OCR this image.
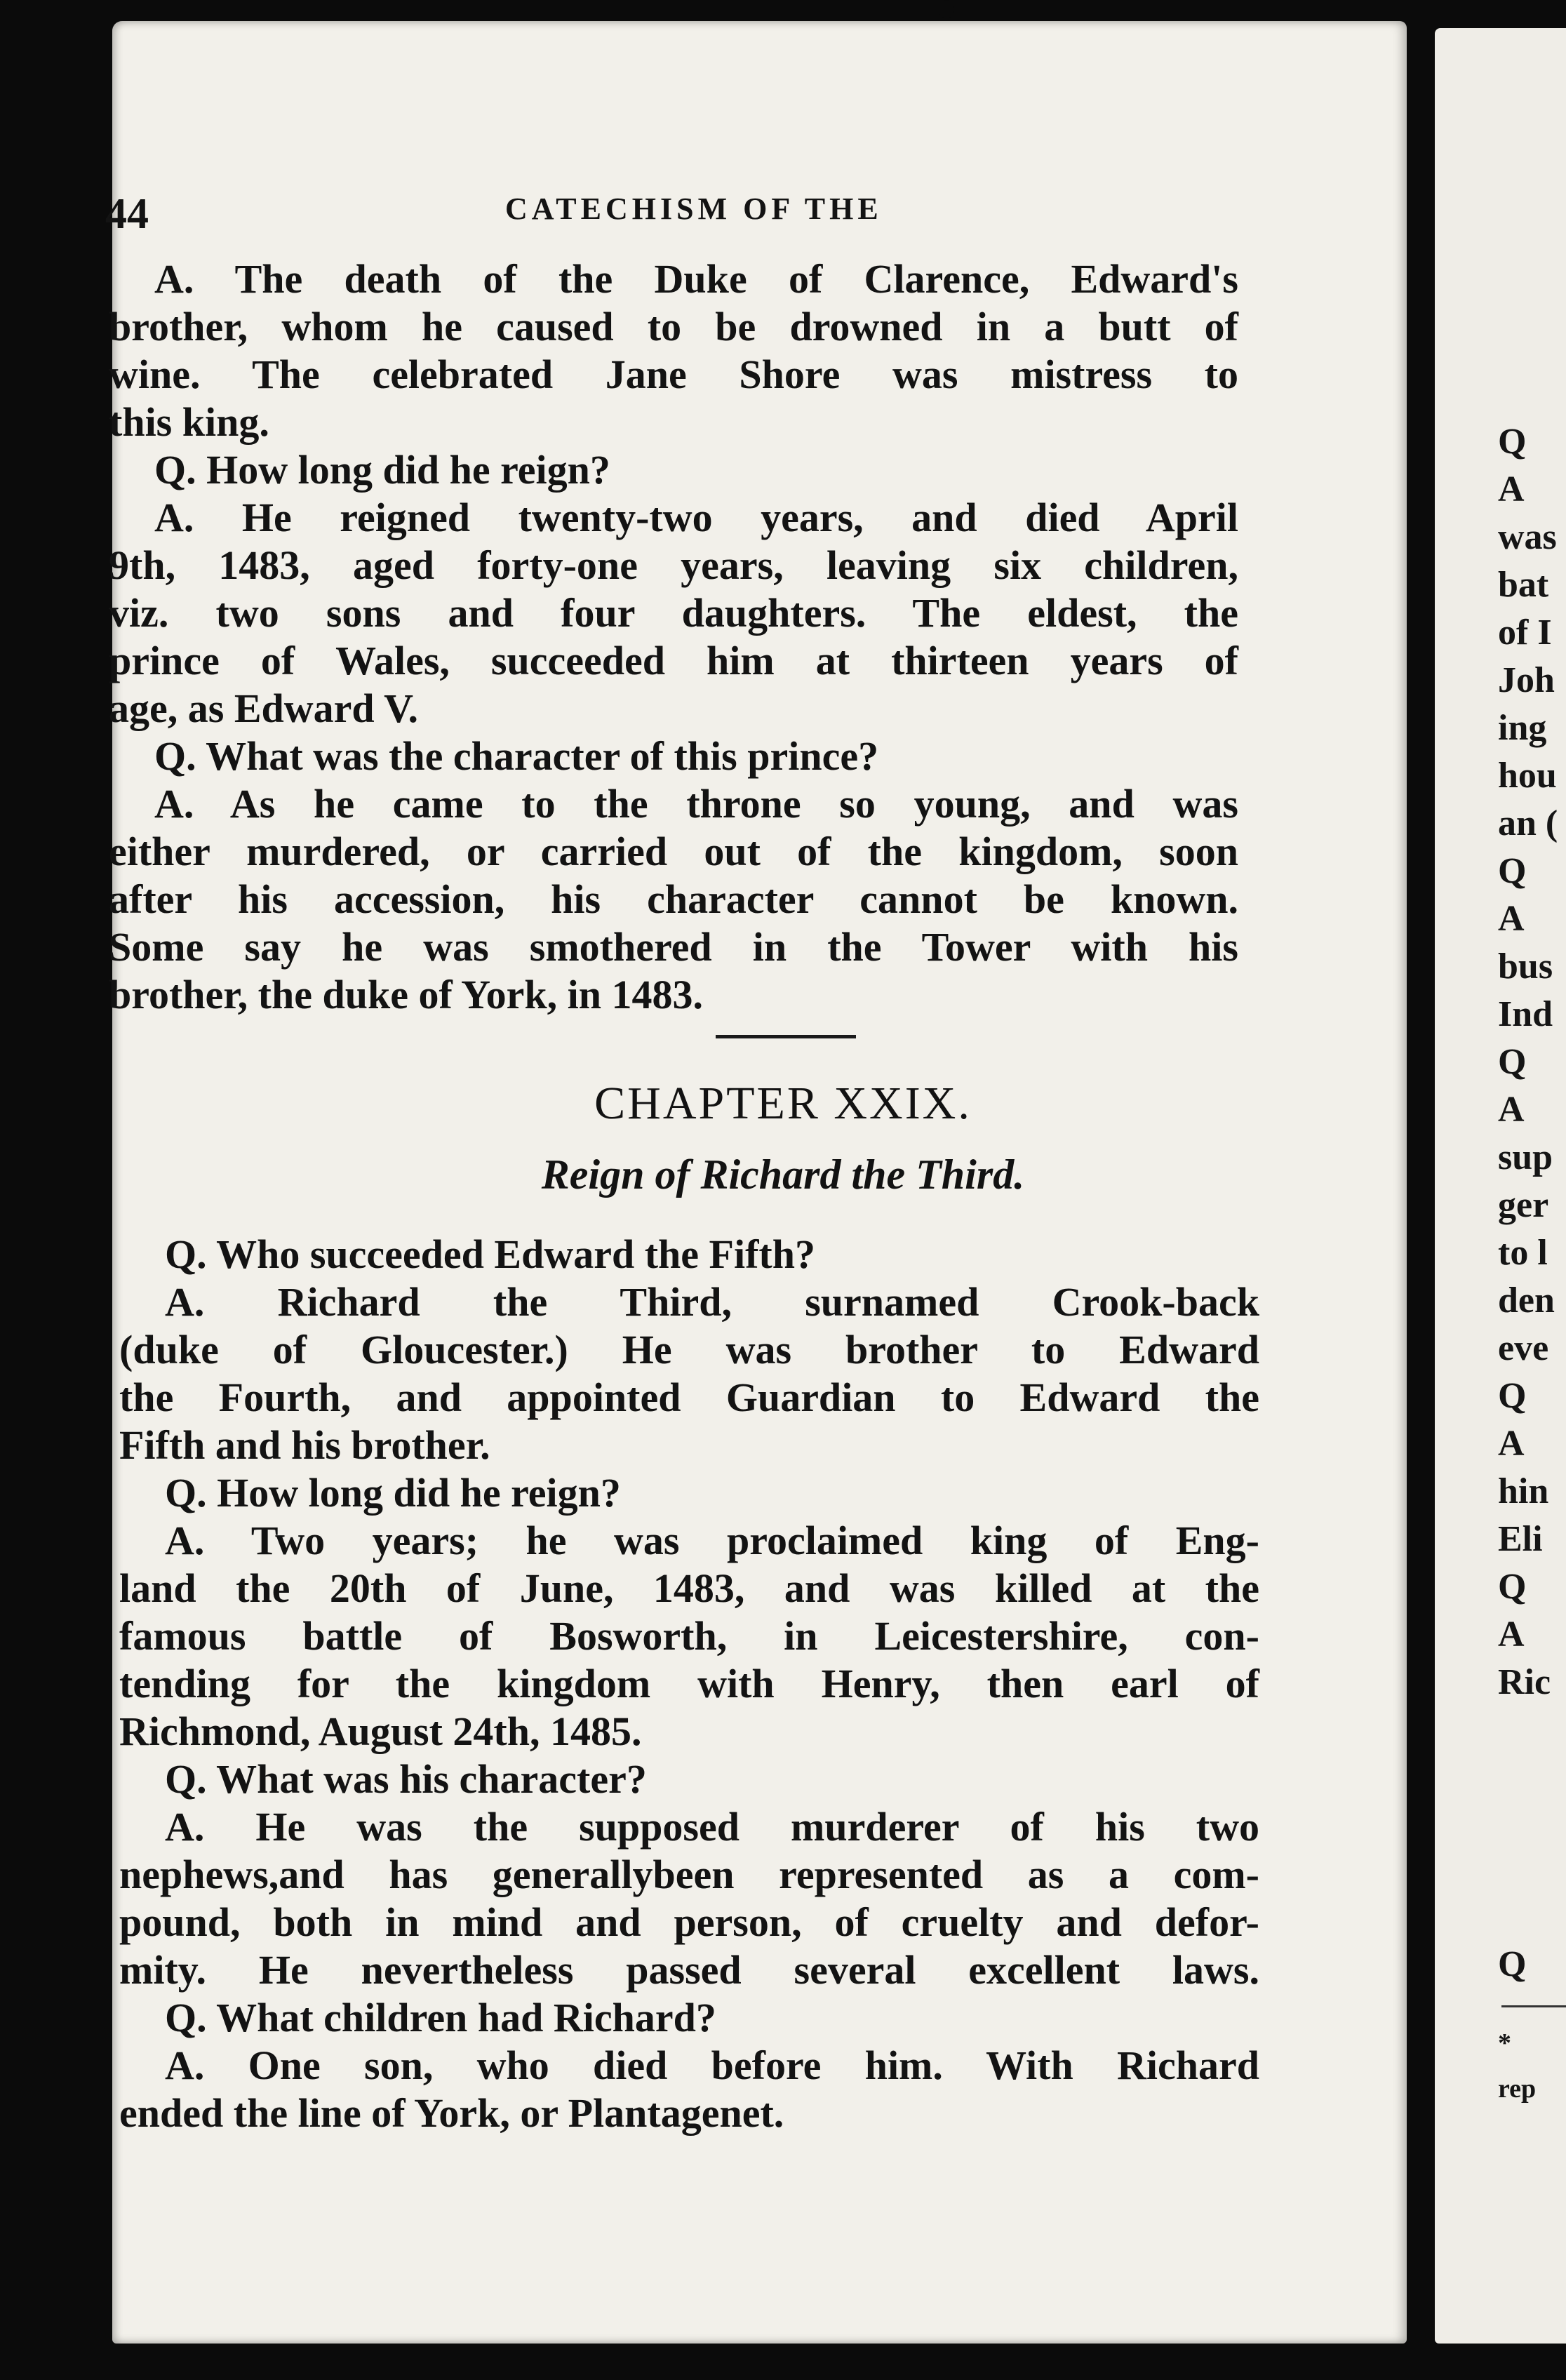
Q
A
was
bat
of I
Joh
ing
hou
an (
Q
A
bus
Ind
Q
A
sup
ger
to l
den
eve
Q
A
hin
Eli
Q
A
Ric
Q
*
rep
44	CATECHISM OF THE
A. The death of the Duke of Clarence, Edward's
brother, whom he caused to be drowned in a butt of
wine. The celebrated Jane Shore was mistress to
this king.
Q. How long did he reign?
A. He reigned twenty-two years, and died April
9th, 1483, aged forty-one years, leaving six children,
viz. two sons and four daughters. The eldest, the
prince of Wales, succeeded him at thirteen years of
age, as Edward V.
Q. What was the character of this prince?
A. As he came to the throne so young, and was
either murdered, or carried out of the kingdom, soon
after his accession, his character cannot be known.
Some say he was smothered in the Tower with his
brother, the duke of York, in 1483.
CHAPTER XXIX.
Reign of Richard the Third.
Q. Who succeeded Edward the Fifth?
A. Richard the Third, surnamed Crook-back
(duke of Gloucester.) He was brother to Edward
the Fourth, and appointed Guardian to Edward the
Fifth and his brother.
Q. How long did he reign?
A. Two years; he was proclaimed king of Eng-
land the 20th of June, 1483, and was killed at the
famous battle of Bosworth, in Leicestershire, con-
tending for the kingdom with Henry, then earl of
Richmond, August 24th, 1485.
Q. What was his character?
A. He was the supposed murderer of his two
nephews,and has generallybeen represented as a com-
pound, both in mind and person, of cruelty and defor-
mity. He nevertheless passed several excellent laws.
Q. What children had Richard?
A. One son, who died before him. With Richard
ended the line of York, or Plantagenet.
